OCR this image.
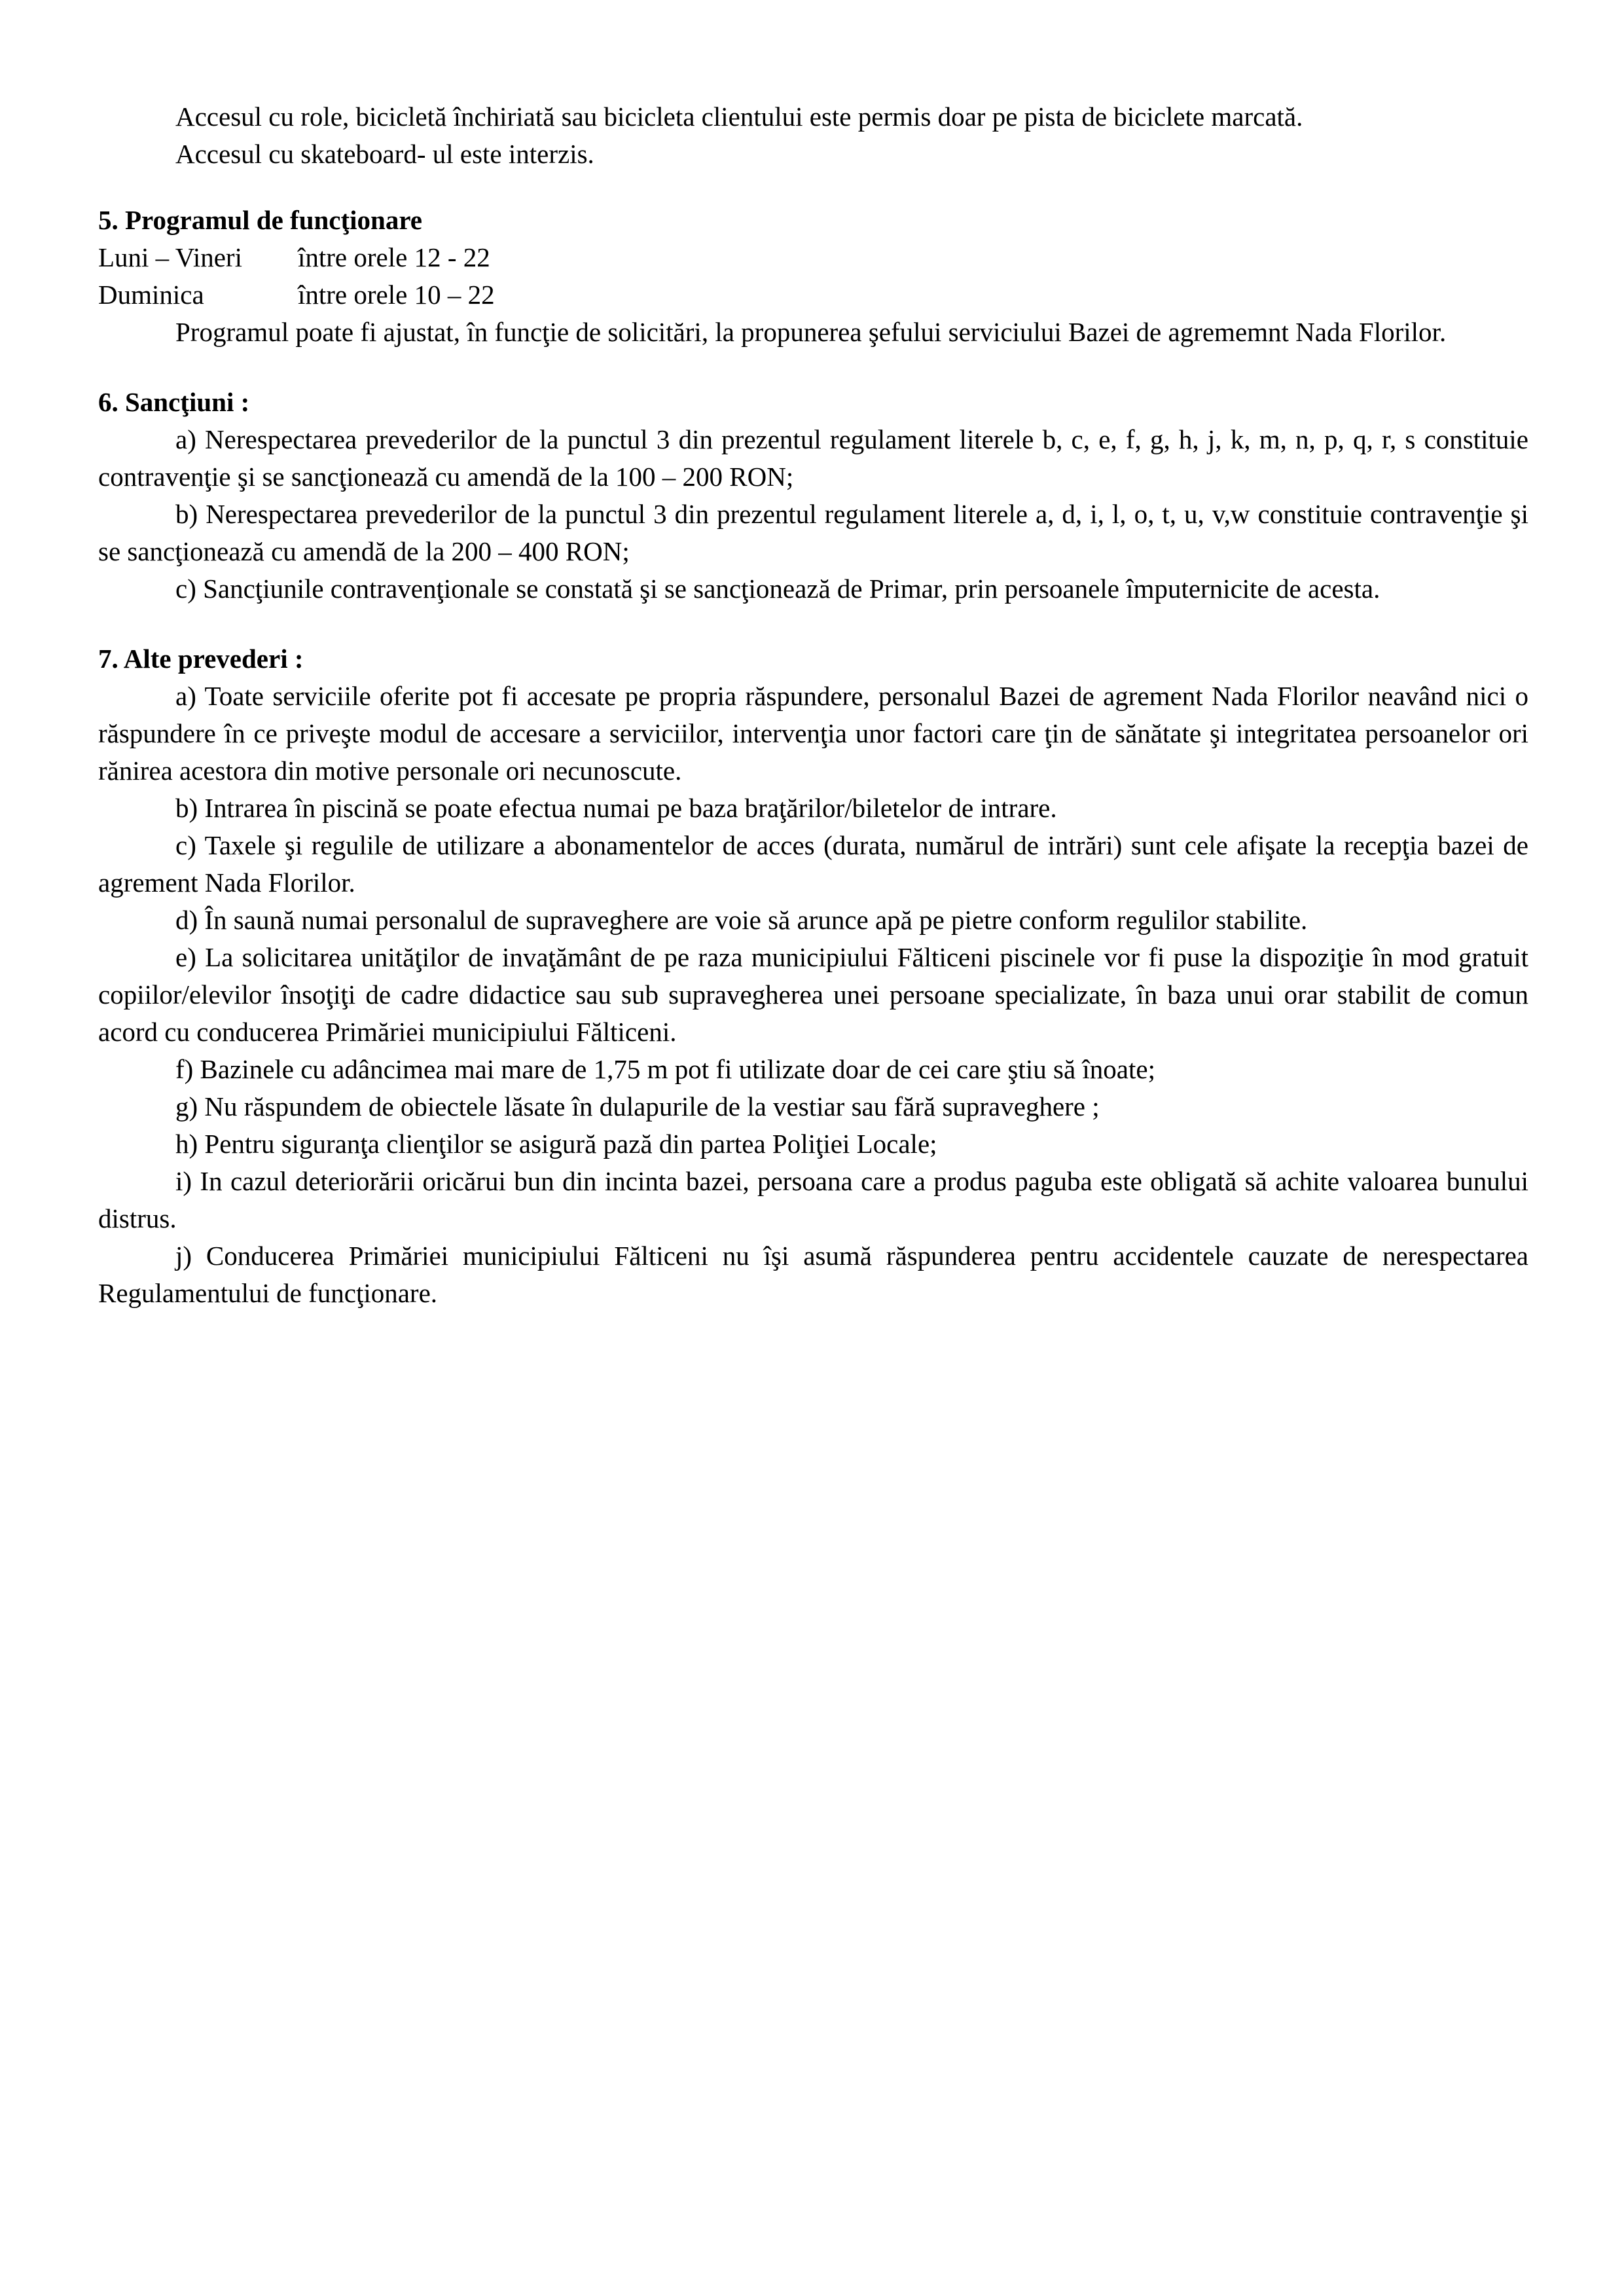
Accesul cu role, bicicletă închiriată sau bicicleta clientului este permis doar pe pista de biciclete marcată.

Accesul cu skateboard- ul este interzis.

5. Programul de funcţionare
Luni – Vineri	între orele 12 - 22
Duminica	între orele 10 – 22

Programul poate fi ajustat, în funcţie de solicitări, la propunerea şefului serviciului Bazei de agrememnt Nada Florilor.

6. Sancţiuni :

a) Nerespectarea prevederilor de la punctul 3 din prezentul regulament literele b, c, e, f, g, h, j, k, m, n, p, q, r, s constituie contravenţie şi se sancţionează cu amendă de la 100 – 200 RON;

b) Nerespectarea prevederilor de la punctul 3 din prezentul regulament literele a, d, i, l, o, t, u, v,w constituie contravenţie şi se sancţionează cu amendă de la 200 – 400 RON;

c) Sancţiunile contravenţionale se constată şi se sancţionează de Primar, prin persoanele împuternicite de acesta.

7. Alte prevederi :

a) Toate serviciile oferite pot fi accesate pe propria răspundere, personalul Bazei de agrement Nada Florilor neavând nici o răspundere în ce priveşte modul de accesare a serviciilor, intervenţia unor factori care ţin de sănătate şi integritatea persoanelor ori rănirea acestora din motive personale ori necunoscute.

b) Intrarea în piscină se poate efectua numai pe baza braţărilor/biletelor de intrare.

c) Taxele şi regulile de utilizare a abonamentelor de acces (durata, numărul de intrări) sunt cele afişate la recepţia bazei de agrement Nada Florilor.

d) În saună numai personalul de supraveghere are voie să arunce apă pe pietre conform regulilor stabilite.

e) La solicitarea unităţilor de invaţământ de pe raza municipiului Fălticeni piscinele vor fi puse la dispoziţie în mod gratuit copiilor/elevilor însoţiţi de cadre didactice sau sub supravegherea unei persoane specializate, în baza unui orar stabilit de comun acord cu conducerea Primăriei municipiului Fălticeni.

f) Bazinele cu adâncimea mai mare de 1,75 m pot fi utilizate doar de cei care ştiu să înoate;

g) Nu răspundem de obiectele lăsate în dulapurile de la vestiar sau fără supraveghere ;

h) Pentru siguranţa clienţilor se asigură pază din partea Poliţiei Locale;

i) In cazul deteriorării oricărui bun din incinta bazei, persoana care a produs paguba este obligată să achite valoarea bunului distrus.

j) Conducerea Primăriei municipiului Fălticeni nu îşi asumă răspunderea pentru accidentele cauzate de nerespectarea Regulamentului de funcţionare.
